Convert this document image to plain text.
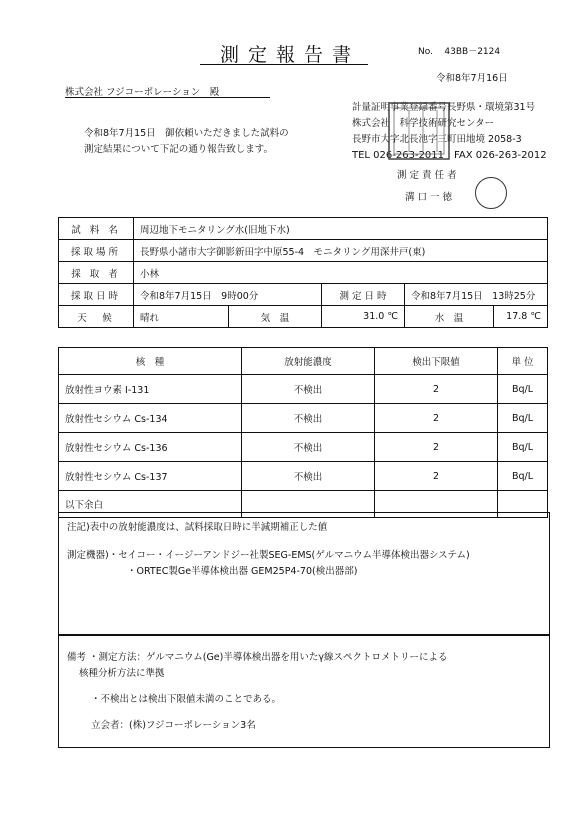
測定報告書	No. 43BB－2124
令和8年7月16日
株式会社 フジコーポレーション　殿
令和8年7月15日　御依頼いただきました試料の
測定結果について下記の通り報告致します。
計量証明事業登録番号長野県・環境第31号
株式会社　科学技術研究センター
長野市大字北長池字三町田地境 2058-3
TEL 026-263-2011　FAX 026-263-2012
測 定 責 任 者
溝 口 一 徳
試 料 名	周辺地下モニタリング水(旧地下水)				
採取場所	長野県小諸市大字御影新田字中原55-4　モニタリング用深井戸(東)				
採 取 者	小林				
採取日時	令和8年7月15日　9時00分		測 定 日 時	令和8年7月15日　13時25分	
天　候	晴れ	気　温	31.0 ℃	水　温	17.8 ℃
核　種	放射能濃度	検出下限値	単 位
放射性ヨウ素 I-131	不検出	2	Bq/L
放射性セシウム Cs-134	不検出	2	Bq/L
放射性セシウム Cs-136	不検出	2	Bq/L
放射性セシウム Cs-137	不検出	2	Bq/L
以下余白			
注記)表中の放射能濃度は、試料採取日時に半減期補正した値
測定機器)・セイコー・イージーアンドジー社製SEG-EMS(ゲルマニウム半導体検出器システム)
・ORTEC製Ge半導体検出器 GEM25P4-70(検出器部)
備考 ・測定方法：ゲルマニウム(Ge)半導体検出器を用いたγ線スペクトロメトリーによる
核種分析方法に準拠
・不検出とは検出下限値未満のことである。
立会者：(株)フジコーポレーション3名
